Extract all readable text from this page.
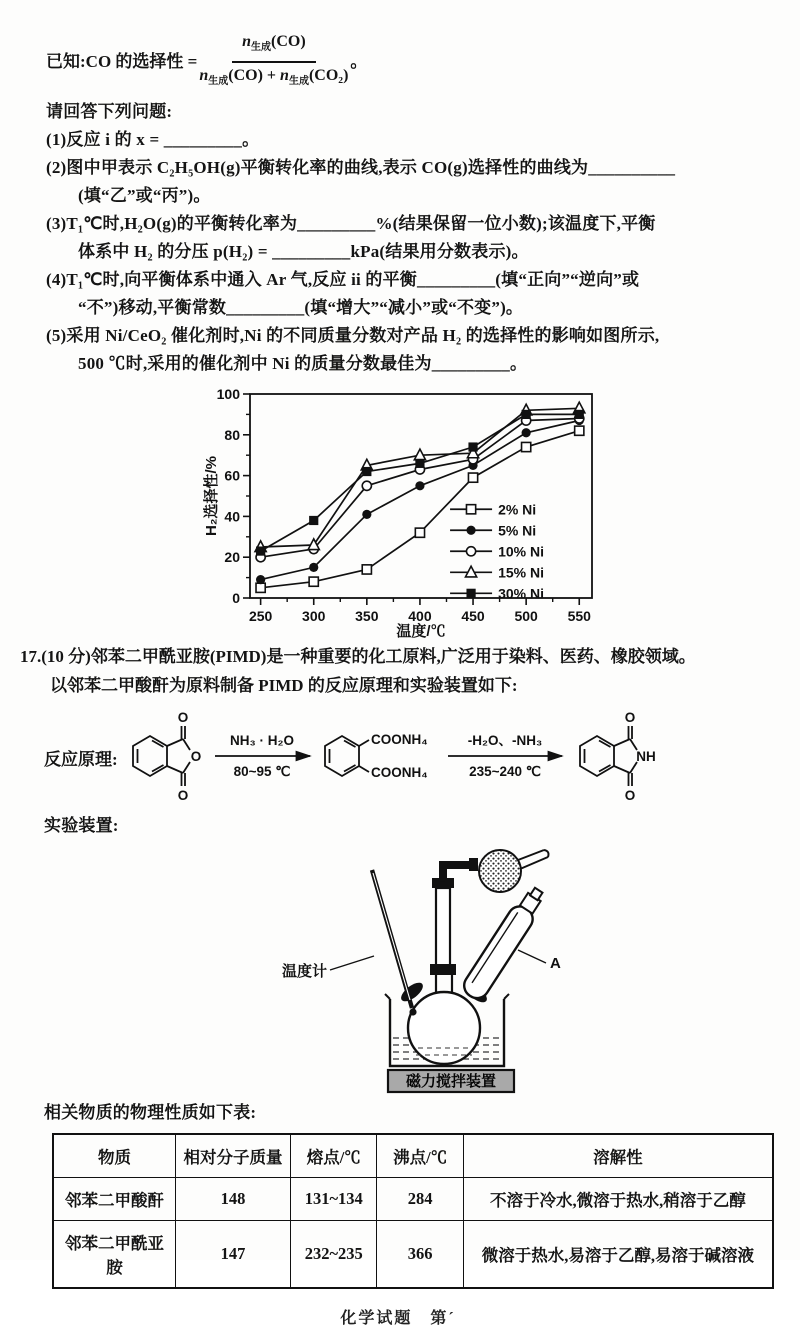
已知:CO 的选择性 = $\frac{n_{生成}(CO)}{n_{生成}(CO) + n_{生成}(CO_2)}$ 。
请回答下列问题:
(1)反应 i 的 x = _________。
(2)图中甲表示 C₂H₅OH(g)平衡转化率的曲线,表示 CO(g)选择性的曲线为__________
(填“乙”或“丙”)。
(3)T₁℃时,H₂O(g)的平衡转化率为_________%(结果保留一位小数);该温度下,平衡
体系中 H₂ 的分压 p(H₂) = _________kPa(结果用分数表示)。
(4)T₁℃时,向平衡体系中通入 Ar 气,反应 ii 的平衡_________(填“正向”“逆向”或
“不”)移动,平衡常数_________(填“增大”“减小”或“不变”)。
(5)采用 Ni/CeO₂ 催化剂时,Ni 的不同质量分数对产品 H₂ 的选择性的影响如图所示,
500 ℃时,采用的催化剂中 Ni 的质量分数最佳为_________。
250 300 350 400 450 500 550
0
20
40
60
80
100
2% Ni
5% Ni
10% Ni
15% Ni
30% Ni
温度/℃
H₂选择性/%
17.(10 分)邻苯二甲酰亚胺(PIMD)是一种重要的化工原料,广泛用于染料、医药、橡胶领域。
以邻苯二甲酸酐为原料制备 PIMD 的反应原理和实验装置如下:
反应原理:
O
O
O
NH₃ · H₂O
80~95 ℃
COONH₄
COONH₄
-H₂O、-NH₃
235~240 ℃
O
NH
O
实验装置:
温度计	A
磁力搅拌装置
相关物质的物理性质如下表:
物质	相对分子质量	熔点/℃	沸点/℃	溶解性
邻苯二甲酸酐	148	131~134	284	不溶于冷水,微溶于热水,稍溶于乙醇
邻苯二甲酰亚胺	147	232~235	366	微溶于热水,易溶于乙醇,易溶于碱溶液
化学试题　第ˊ
